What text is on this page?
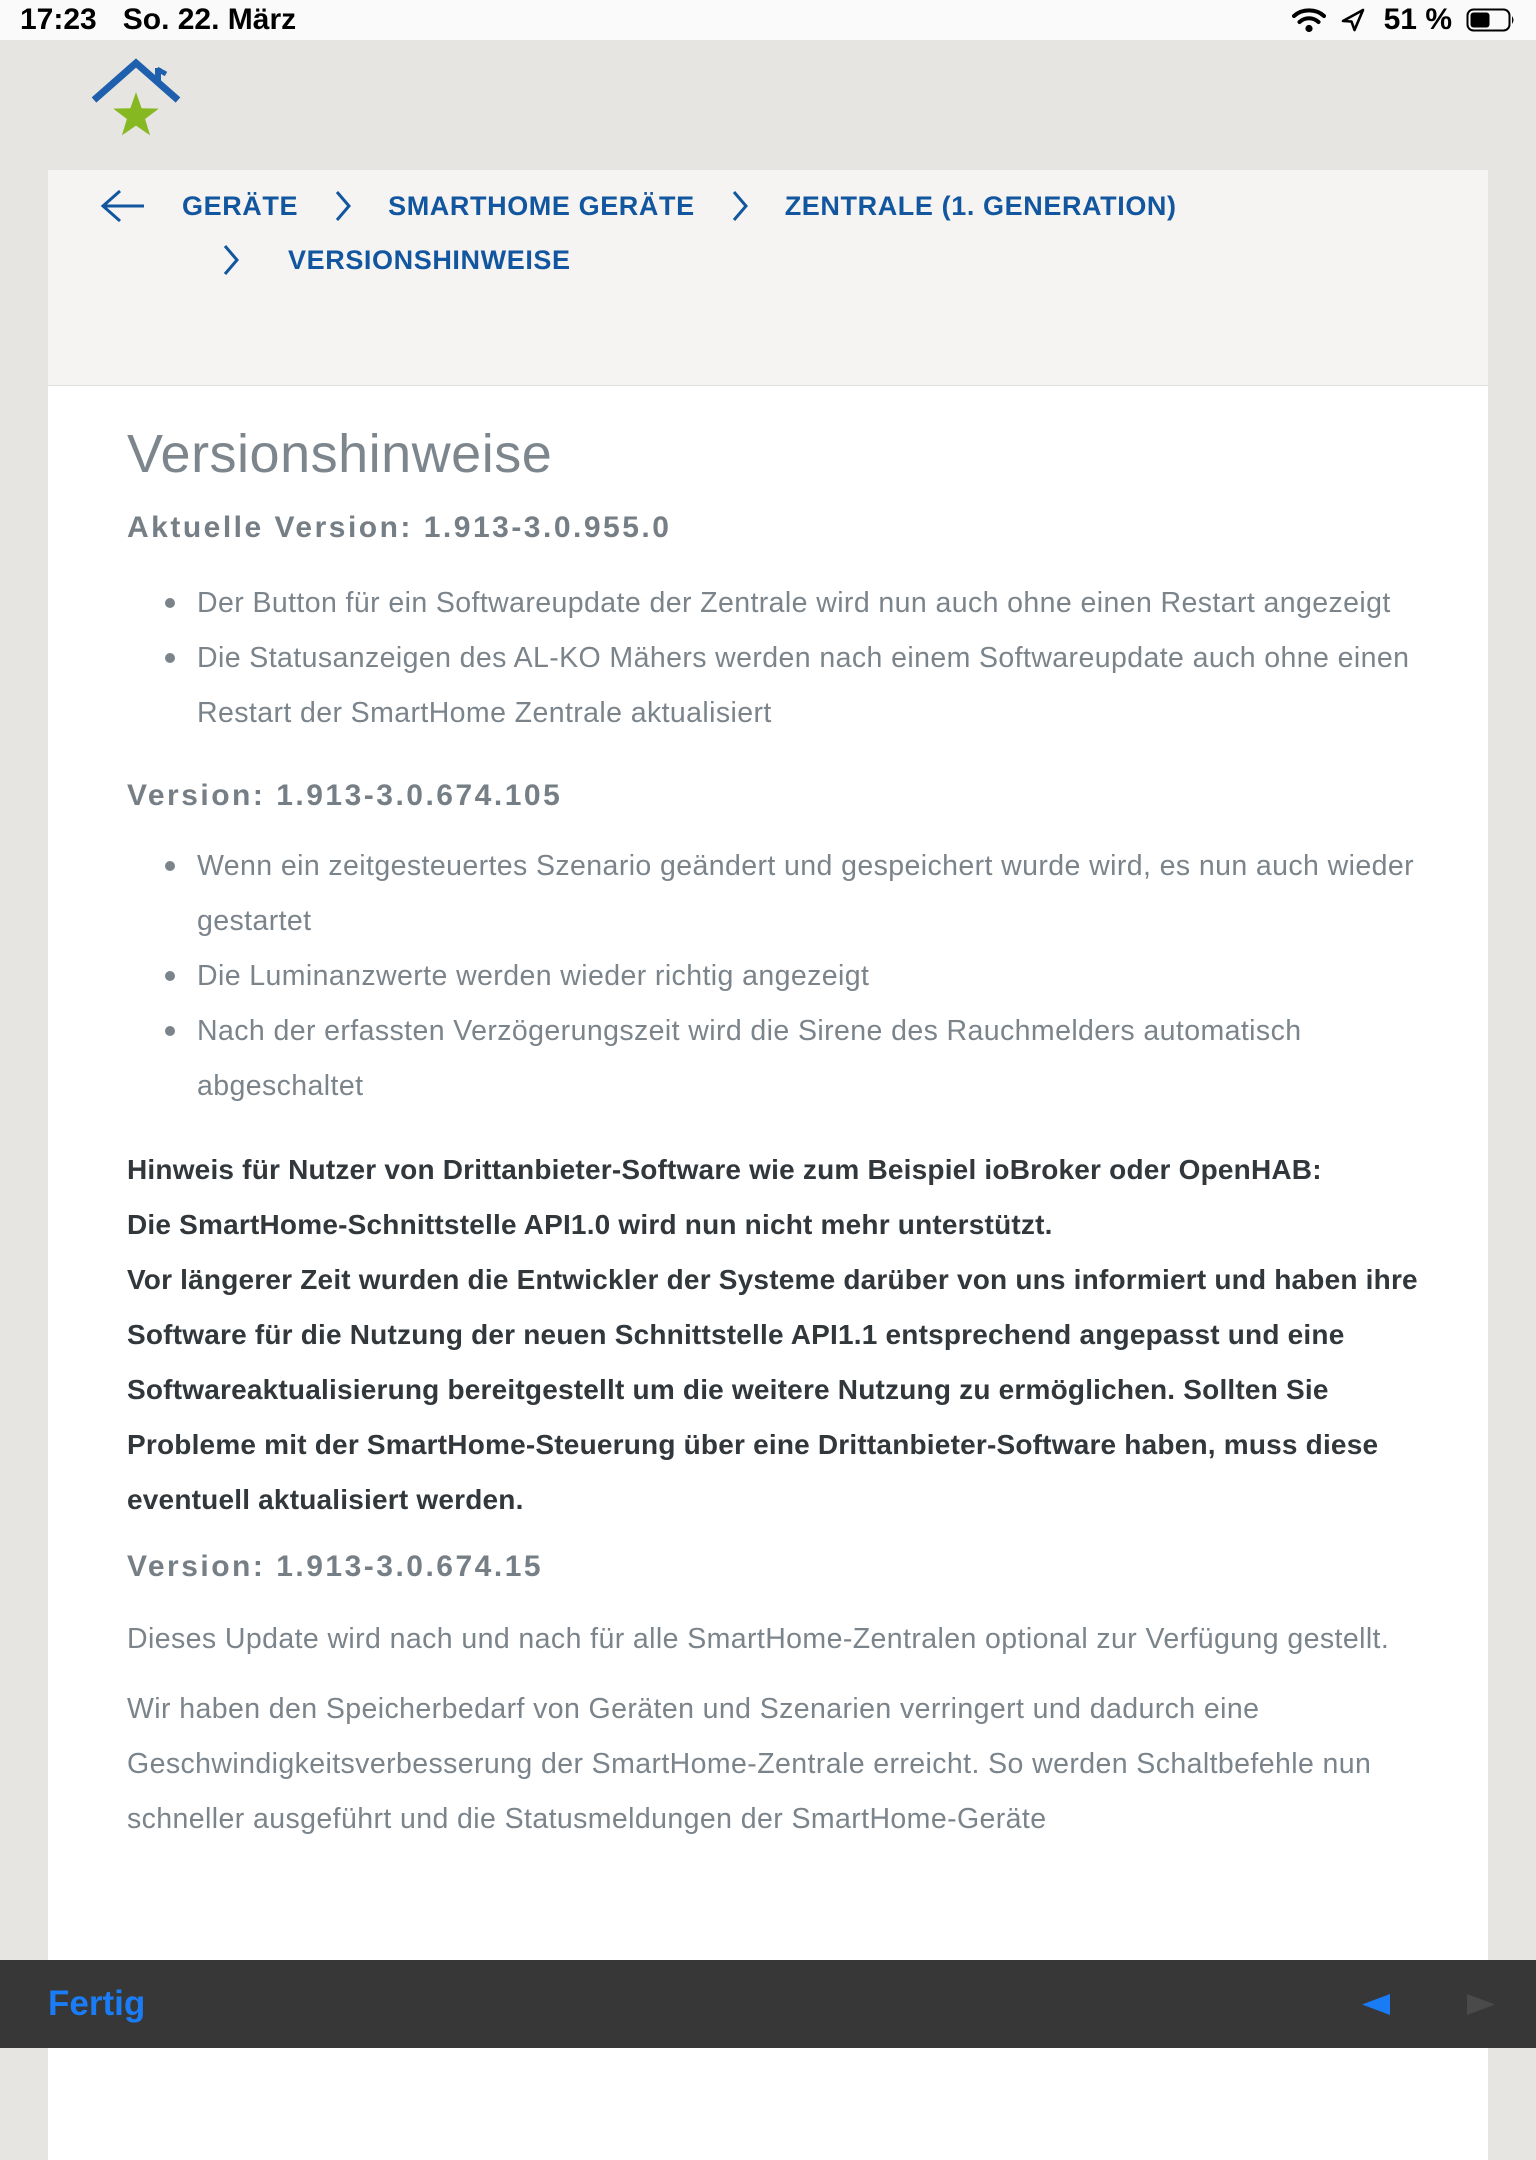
17:23 So. 22. März	51 %
GERÄTE	SMARTHOME GERÄTE	ZENTRALE (1. GENERATION)
VERSIONSHINWEISE
Versionshinweise
Aktuelle Version: 1.913-3.0.955.0
Der Button für ein Softwareupdate der Zentrale wird nun auch ohne einen Restart angezeigt
Die Statusanzeigen des AL-KO Mähers werden nach einem Softwareupdate auch ohne einen Restart der SmartHome Zentrale aktualisiert
Version: 1.913-3.0.674.105
Wenn ein zeitgesteuertes Szenario geändert und gespeichert wurde wird, es nun auch wieder gestartet
Die Luminanzwerte werden wieder richtig angezeigt
Nach der erfassten Verzögerungszeit wird die Sirene des Rauchmelders automatisch abgeschaltet

Hinweis für Nutzer von Drittanbieter-Software wie zum Beispiel ioBroker oder OpenHAB:
Die SmartHome-Schnittstelle API1.0 wird nun nicht mehr unterstützt.
Vor längerer Zeit wurden die Entwickler der Systeme darüber von uns informiert und haben ihre Software für die Nutzung der neuen Schnittstelle API1.1 entsprechend angepasst und eine Softwareaktualisierung bereitgestellt um die weitere Nutzung zu ermöglichen. Sollten Sie Probleme mit der SmartHome-Steuerung über eine Drittanbieter-Software haben, muss diese eventuell aktualisiert werden.

Version: 1.913-3.0.674.15

Dieses Update wird nach und nach für alle SmartHome-Zentralen optional zur Verfügung gestellt.

Wir haben den Speicherbedarf von Geräten und Szenarien verringert und dadurch eine Geschwindigkeitsverbesserung der SmartHome-Zentrale erreicht. So werden Schaltbefehle nun schneller ausgeführt und die Statusmeldungen der SmartHome-Geräte

Fertig
